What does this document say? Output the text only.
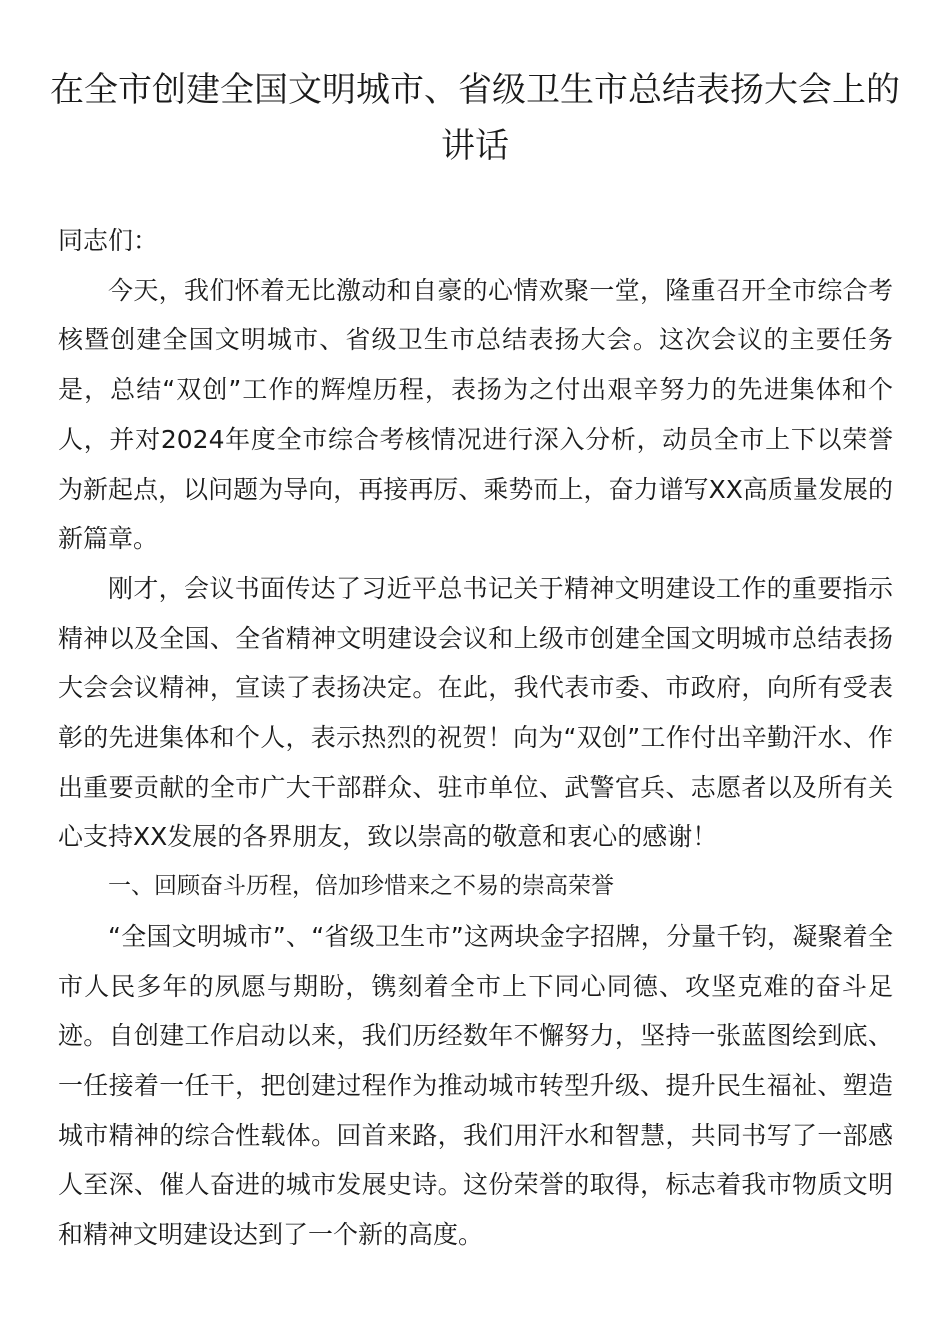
在全市创建全国文明城市、省级卫生市总结表扬大会上的讲话

同志们：

今天，我们怀着无比激动和自豪的心情欢聚一堂，隆重召开全市综合考核暨创建全国文明城市、省级卫生市总结表扬大会。这次会议的主要任务是，总结“双创”工作的辉煌历程，表扬为之付出艰辛努力的先进集体和个人，并对2024年度全市综合考核情况进行深入分析，动员全市上下以荣誉为新起点，以问题为导向，再接再厉、乘势而上，奋力谱写XX高质量发展的新篇章。

刚才，会议书面传达了习近平总书记关于精神文明建设工作的重要指示精神以及全国、全省精神文明建设会议和上级市创建全国文明城市总结表扬大会会议精神，宣读了表扬决定。在此，我代表市委、市政府，向所有受表彰的先进集体和个人，表示热烈的祝贺！向为“双创”工作付出辛勤汗水、作出重要贡献的全市广大干部群众、驻市单位、武警官兵、志愿者以及所有关心支持XX发展的各界朋友，致以崇高的敬意和衷心的感谢！

一、回顾奋斗历程，倍加珍惜来之不易的崇高荣誉

“全国文明城市”、“省级卫生市”这两块金字招牌，分量千钧，凝聚着全市人民多年的夙愿与期盼，镌刻着全市上下同心同德、攻坚克难的奋斗足迹。自创建工作启动以来，我们历经数年不懈努力，坚持一张蓝图绘到底、一任接着一任干，把创建过程作为推动城市转型升级、提升民生福祉、塑造城市精神的综合性载体。回首来路，我们用汗水和智慧，共同书写了一部感人至深、催人奋进的城市发展史诗。这份荣誉的取得，标志着我市物质文明和精神文明建设达到了一个新的高度。
